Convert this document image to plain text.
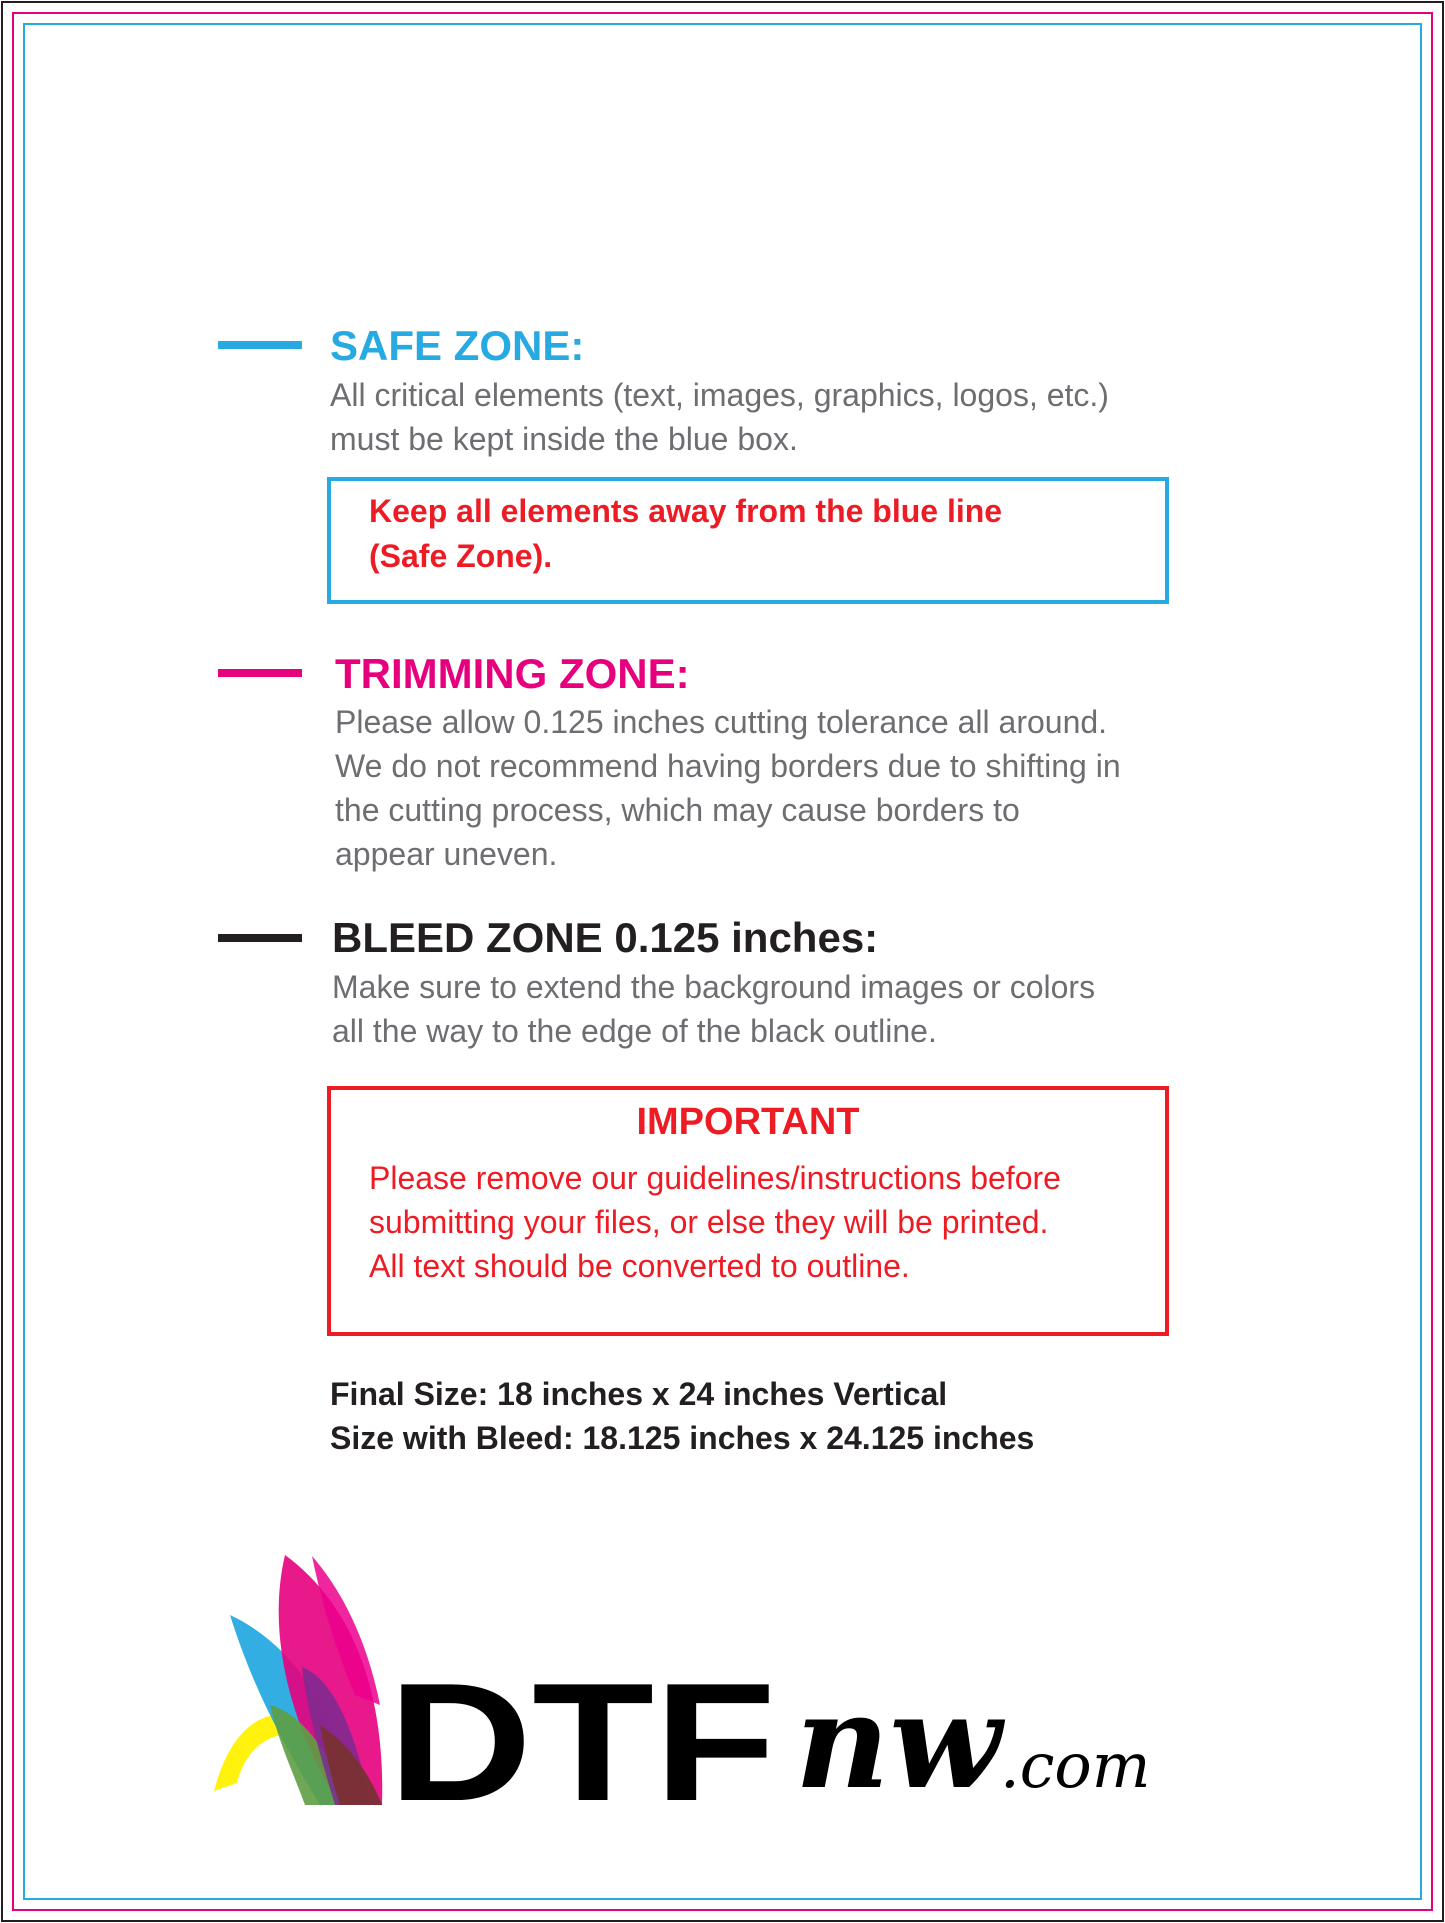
SAFE ZONE:
All critical elements (text, images, graphics, logos, etc.)
must be kept inside the blue box.
Keep all elements away from the blue line
(Safe Zone).
TRIMMING ZONE:
Please allow 0.125 inches cutting tolerance all around.
We do not recommend having borders due to shifting in
the cutting process, which may cause borders to
appear uneven.
BLEED ZONE 0.125 inches:
Make sure to extend the background images or colors
all the way to the edge of the black outline.
IMPORTANT
Please remove our guidelines/instructions before
submitting your files, or else they will be printed.
All text should be converted to outline.
Final Size: 18 inches x 24 inches Vertical
Size with Bleed: 18.125 inches x 24.125 inches
DTF nw
.com
